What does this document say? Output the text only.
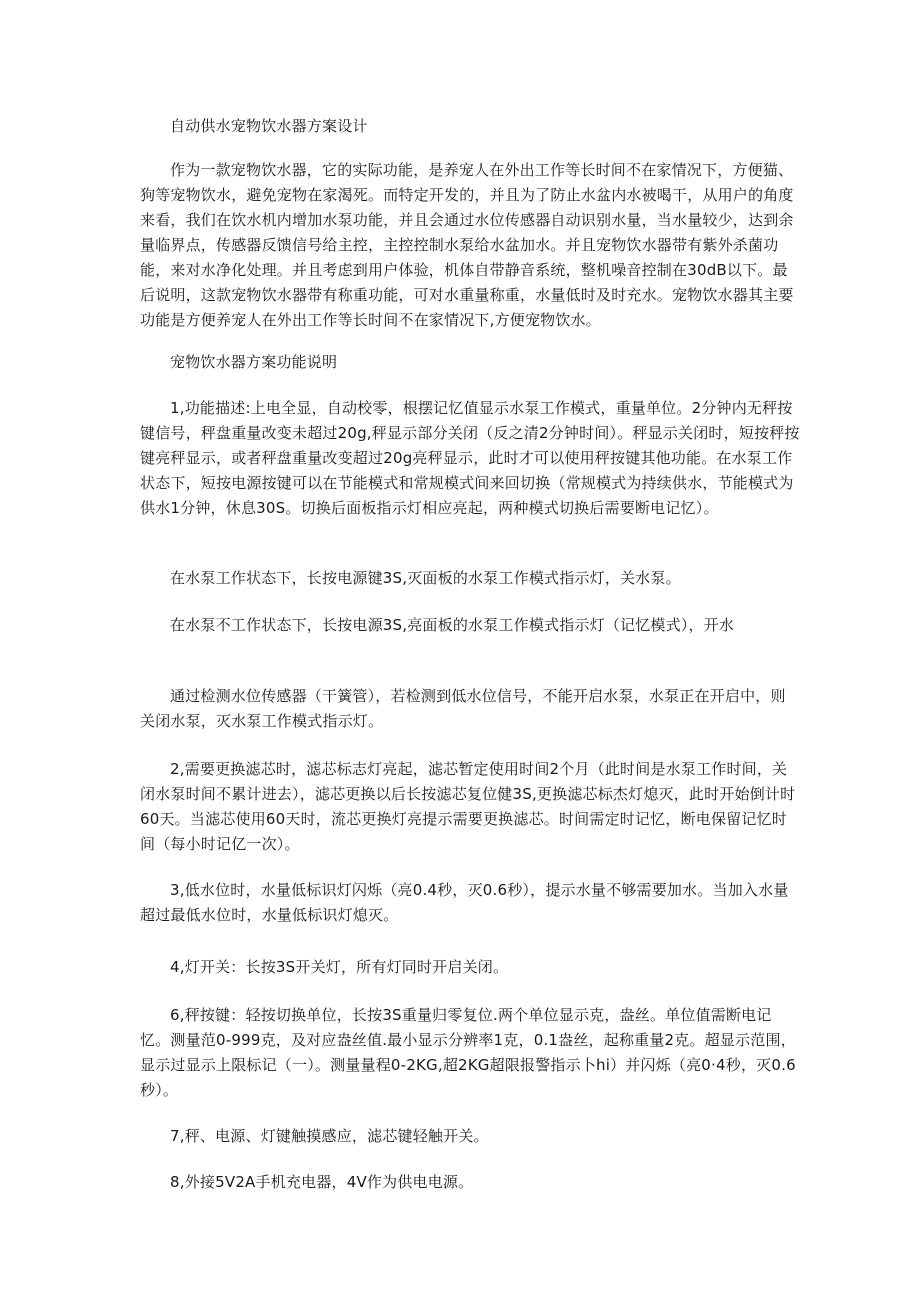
自动供水宠物饮水器方案设计

作为一款宠物饮水器，它的实际功能，是养宠人在外出工作等长时间不在家情况下，方便猫、狗等宠物饮水，避免宠物在家渴死。而特定开发的，并且为了防止水盆内水被喝干，从用户的角度来看，我们在饮水机内增加水泵功能，并且会通过水位传感器自动识别水量，当水量较少，达到余量临界点，传感器反馈信号给主控，主控控制水泵给水盆加水。并且宠物饮水器带有紫外杀菌功能，来对水净化处理。并且考虑到用户体验，机体自带静音系统，整机噪音控制在30dB以下。最后说明，这款宠物饮水器带有称重功能，可对水重量称重，水量低时及时充水。宠物饮水器其主要功能是方便养宠人在外出工作等长时间不在家情况下,方便宠物饮水。

宠物饮水器方案功能说明

1,功能描述:上电全显，自动校零，根摆记忆值显示水泵工作模式，重量单位。2分钟内无秤按键信号，秤盘重量改变未超过20g,秤显示部分关闭（反之清2分钟时间）。秤显示关闭时，短按秤按键亮秤显示，或者秤盘重量改变超过20g亮秤显示，此时才可以使用秤按键其他功能。在水泵工作状态下，短按电源按键可以在节能模式和常规模式间来回切换（常规模式为持续供水，节能模式为供水1分钟，休息30S。切换后面板指示灯相应亮起，两种模式切换后需要断电记忆）。

在水泵工作状态下，长按电源键3S,灭面板的水泵工作模式指示灯，关水泵。

在水泵不工作状态下，长按电源3S,亮面板的水泵工作模式指示灯（记忆模式），开水

通过检测水位传感器（干簧管），若检测到低水位信号，不能开启水泵，水泵正在开启中，则关闭水泵，灭水泵工作模式指示灯。

2,需要更换滤芯时，滤芯标志灯亮起，滤芯暂定使用时间2个月（此时间是水泵工作时间，关闭水泵时间不累计进去），滤芯更换以后长按滤芯复位健3S,更换滤芯标杰灯熄灭，此时开始倒计时60天。当滤芯使用60天时，流芯更换灯亮提示需要更换滤芯。时间需定时记忆，断电保留记忆时间（每小时记亿一次）。

3,低水位时，水量低标识灯闪烁（亮0.4秒，灭0.6秒），提示水量不够需要加水。当加入水量超过最低水位时，水量低标识灯熄灭。

4,灯开关：长按3S开关灯，所有灯同时开启关闭。

6,秤按键：轻按切换单位，长按3S重量归零复位.两个单位显示克，盎丝。单位值需断电记忆。测量范0-999克，及对应盎丝值.最小显示分辨率1克，0.1盎丝，起称重量2克。超显示范围，显示过显示上限标记（一）。测量量程0-2KG,超2KG超限报警指示卜hi）并闪烁（亮0·4秒，灭0.6秒）。

7,秤、电源、灯键触摸感应，滤芯键轻触开关。

8,外接5V2A手机充电器，4V作为供电电源。
